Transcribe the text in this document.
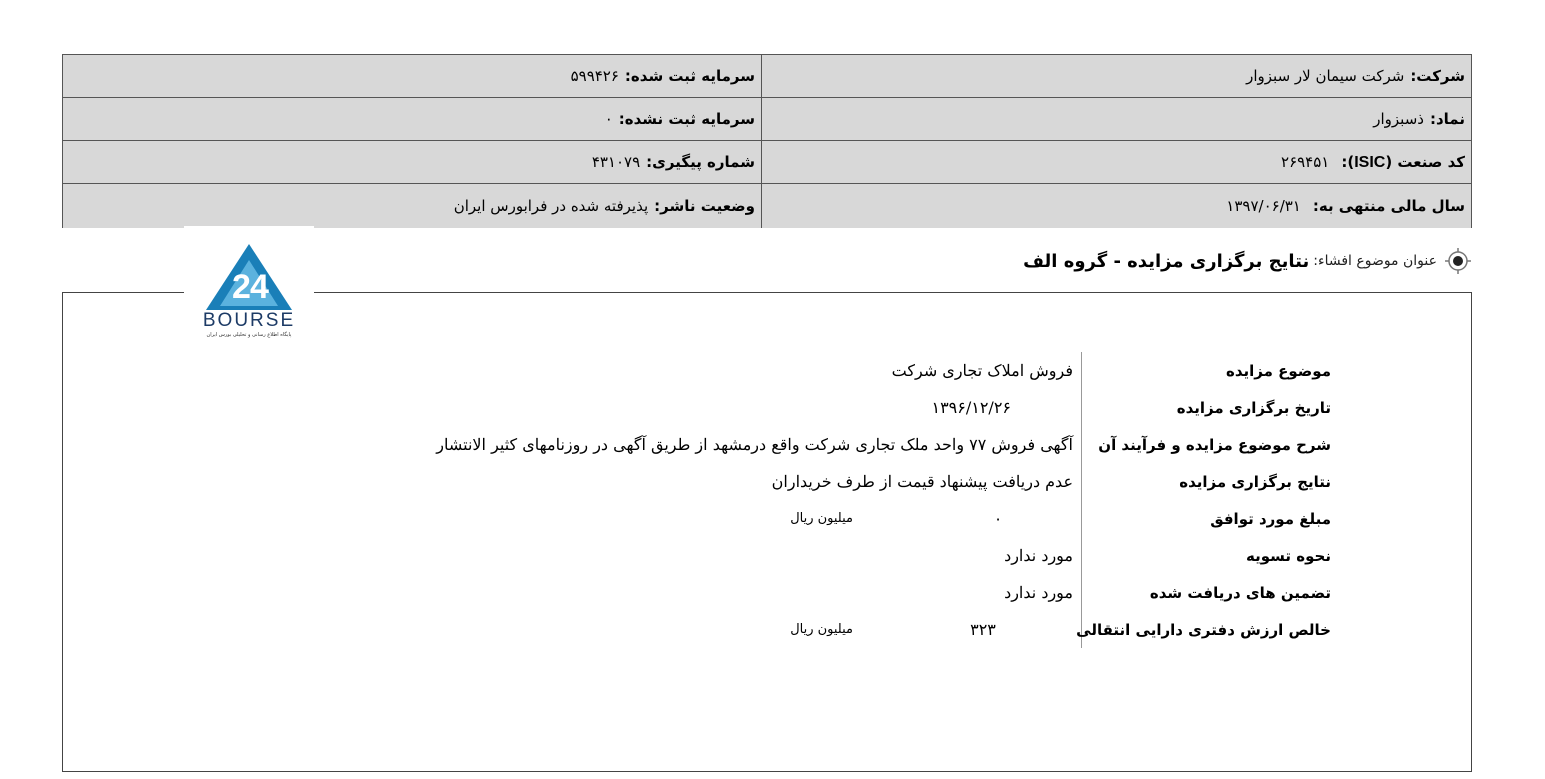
شرکت:
شرکت سیمان لار سبزوار
سرمایه ثبت شده:
۵۹۹۴۲۶
نماد:
ذسبزوار
سرمایه ثبت نشده:
۰
کد صنعت (ISIC):
۲۶۹۴۵۱
شماره پیگیری:
۴۳۱۰۷۹
سال مالی منتهی به:
۱۳۹۷/۰۶/۳۱
وضعیت ناشر:
پذیرفته شده در فرابورس ایران
2 4
BOURSE
پایگاه اطلاع رسانی و تحلیلی بورس ایران
عنوان موضوع افشاء:
نتایج برگزاری مزایده - گروه الف
موضوع مزایده
فروش املاک تجاری شرکت
تاریخ برگزاری مزایده
۱۳۹۶/۱۲/۲۶
شرح موضوع مزایده و فرآیند آن
آگهی فروش ۷۷ واحد ملک تجاری شرکت واقع درمشهد از طریق آگهی در روزنامهای کثیر الانتشار
نتایج برگزاری مزایده
عدم دریافت پیشنهاد قیمت از طرف خریداران
مبلغ مورد توافق
۰
میلیون ریال
نحوه تسویه
مورد ندارد
تضمین های دریافت شده
مورد ندارد
خالص ارزش دفتری دارایی انتقالی
۳۲۳
میلیون ریال
